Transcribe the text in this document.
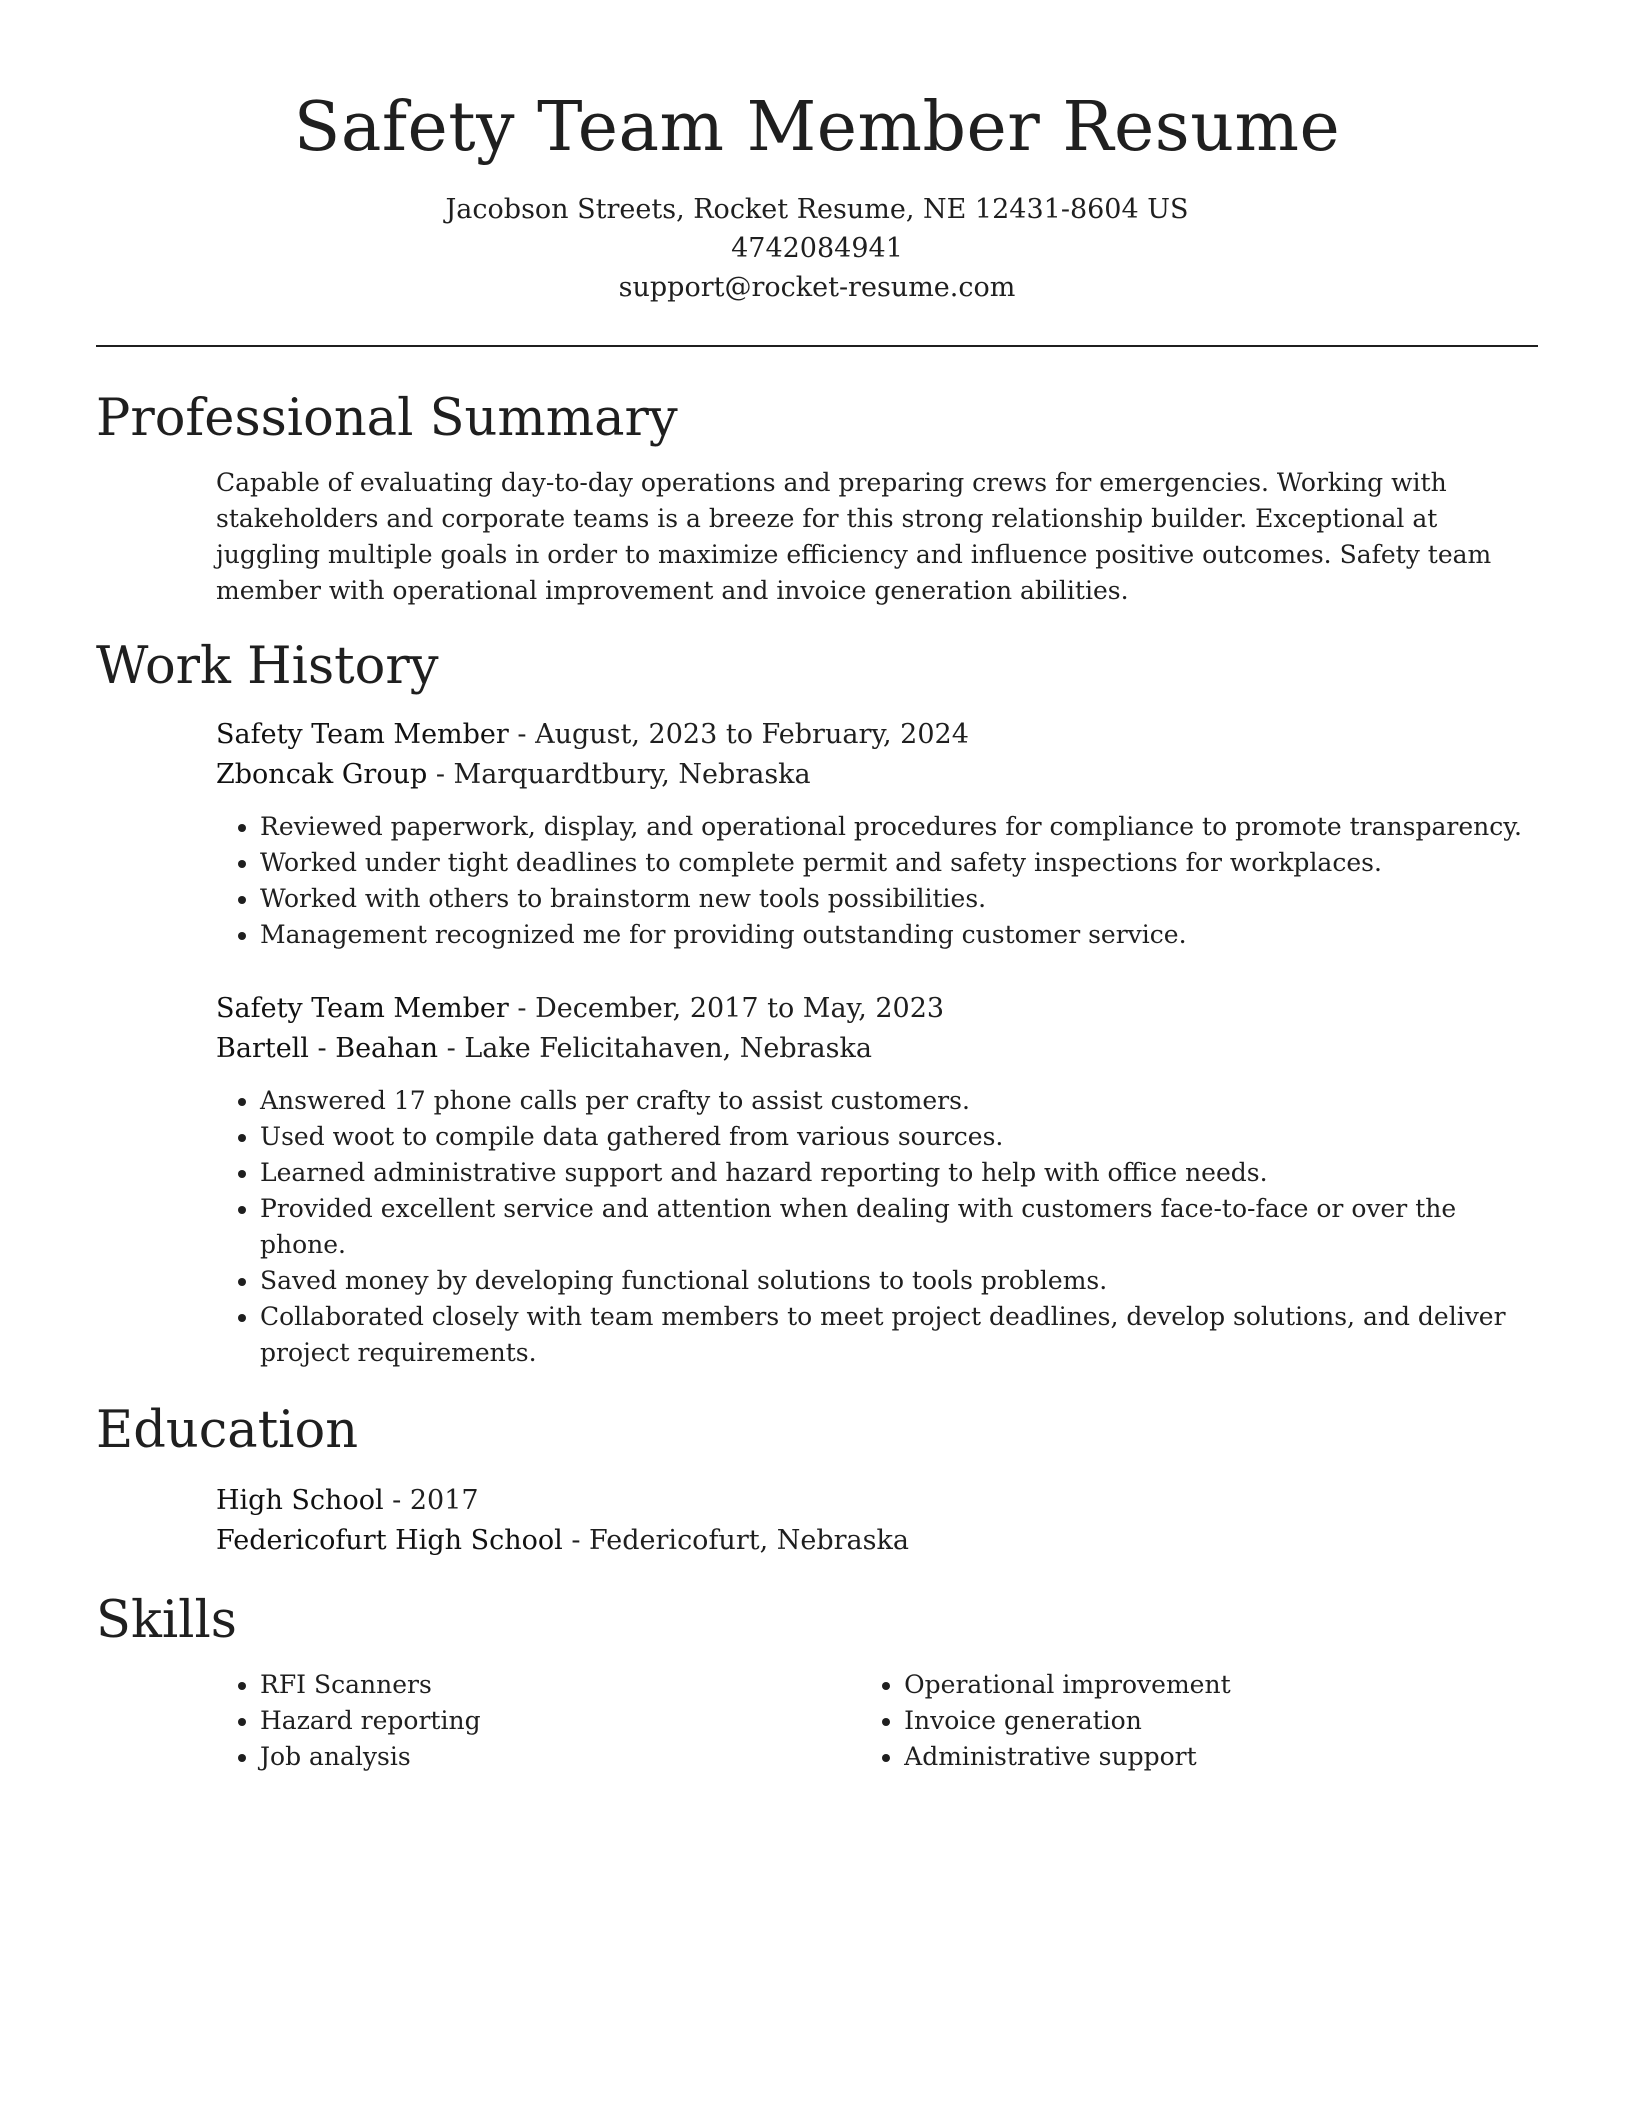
Safety Team Member Resume
Jacobson Streets, Rocket Resume, NE 12431-8604 US
4742084941
support@rocket-resume.com
Professional Summary

Capable of evaluating day-to-day operations and preparing crews for emergencies. Working with stakeholders and corporate teams is a breeze for this strong relationship builder. Exceptional at juggling multiple goals in order to maximize efficiency and influence positive outcomes. Safety team member with operational improvement and invoice generation abilities.

Work History
Safety Team Member - August, 2023 to February, 2024
Zboncak Group - Marquardtbury, Nebraska
• Reviewed paperwork, display, and operational procedures for compliance to promote transparency.
• Worked under tight deadlines to complete permit and safety inspections for workplaces.
• Worked with others to brainstorm new tools possibilities.
• Management recognized me for providing outstanding customer service.
Safety Team Member - December, 2017 to May, 2023
Bartell - Beahan - Lake Felicitahaven, Nebraska
• Answered 17 phone calls per crafty to assist customers.
• Used woot to compile data gathered from various sources.
• Learned administrative support and hazard reporting to help with office needs.
• Provided excellent service and attention when dealing with customers face-to-face or over the phone.
• Saved money by developing functional solutions to tools problems.
• Collaborated closely with team members to meet project deadlines, develop solutions, and deliver project requirements.
Education
High School - 2017
Federicofurt High School - Federicofurt, Nebraska
Skills
• RFI Scanners
• Hazard reporting
• Job analysis
• Operational improvement
• Invoice generation
• Administrative support
